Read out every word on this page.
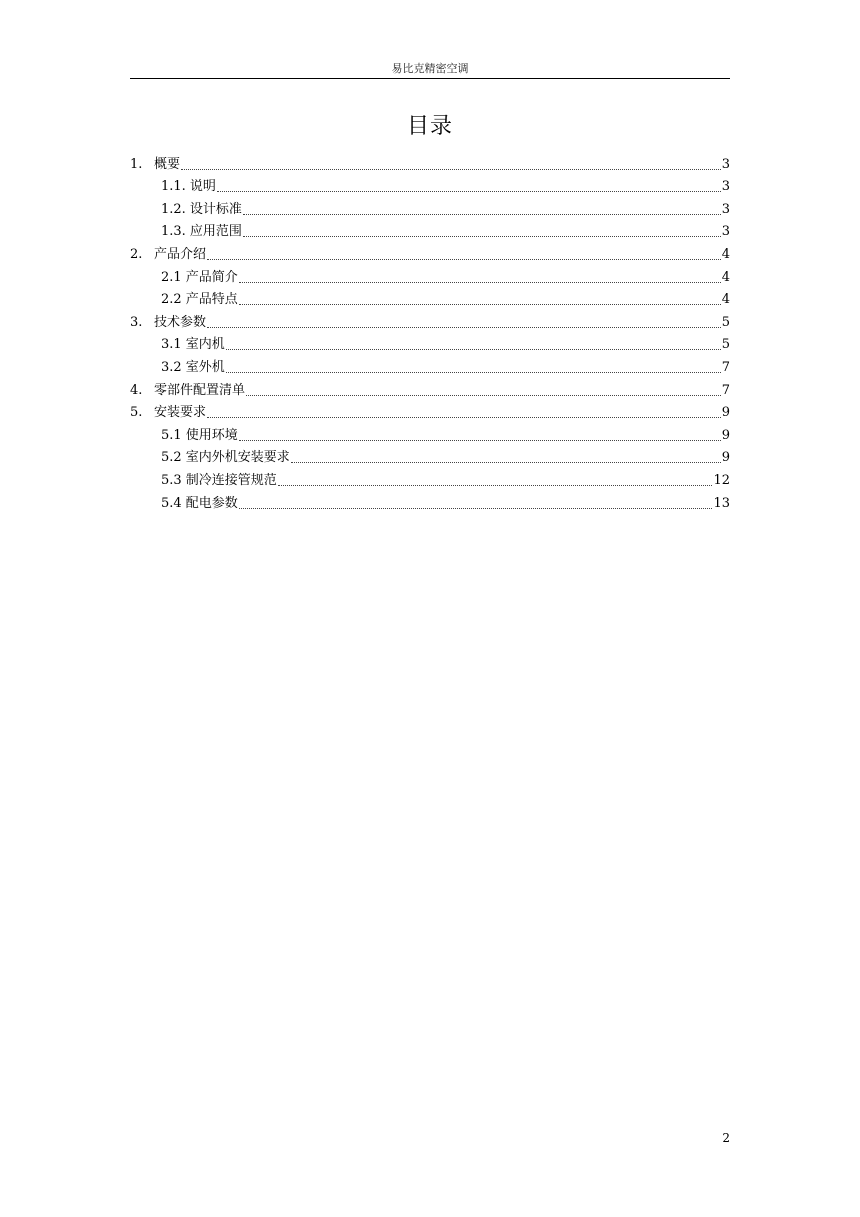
易比克精密空调
目录
1. 概要	3
1.1. 说明	3
1.2. 设计标准	3
1.3. 应用范围	3
2. 产品介绍	4
2.1 产品简介	4
2.2 产品特点	4
3. 技术参数	5
3.1 室内机	5
3.2 室外机	7
4. 零部件配置清单	7
5. 安装要求	9
5.1 使用环境	9
5.2 室内外机安装要求	9
5.3 制冷连接管规范	12
5.4 配电参数	13
2
